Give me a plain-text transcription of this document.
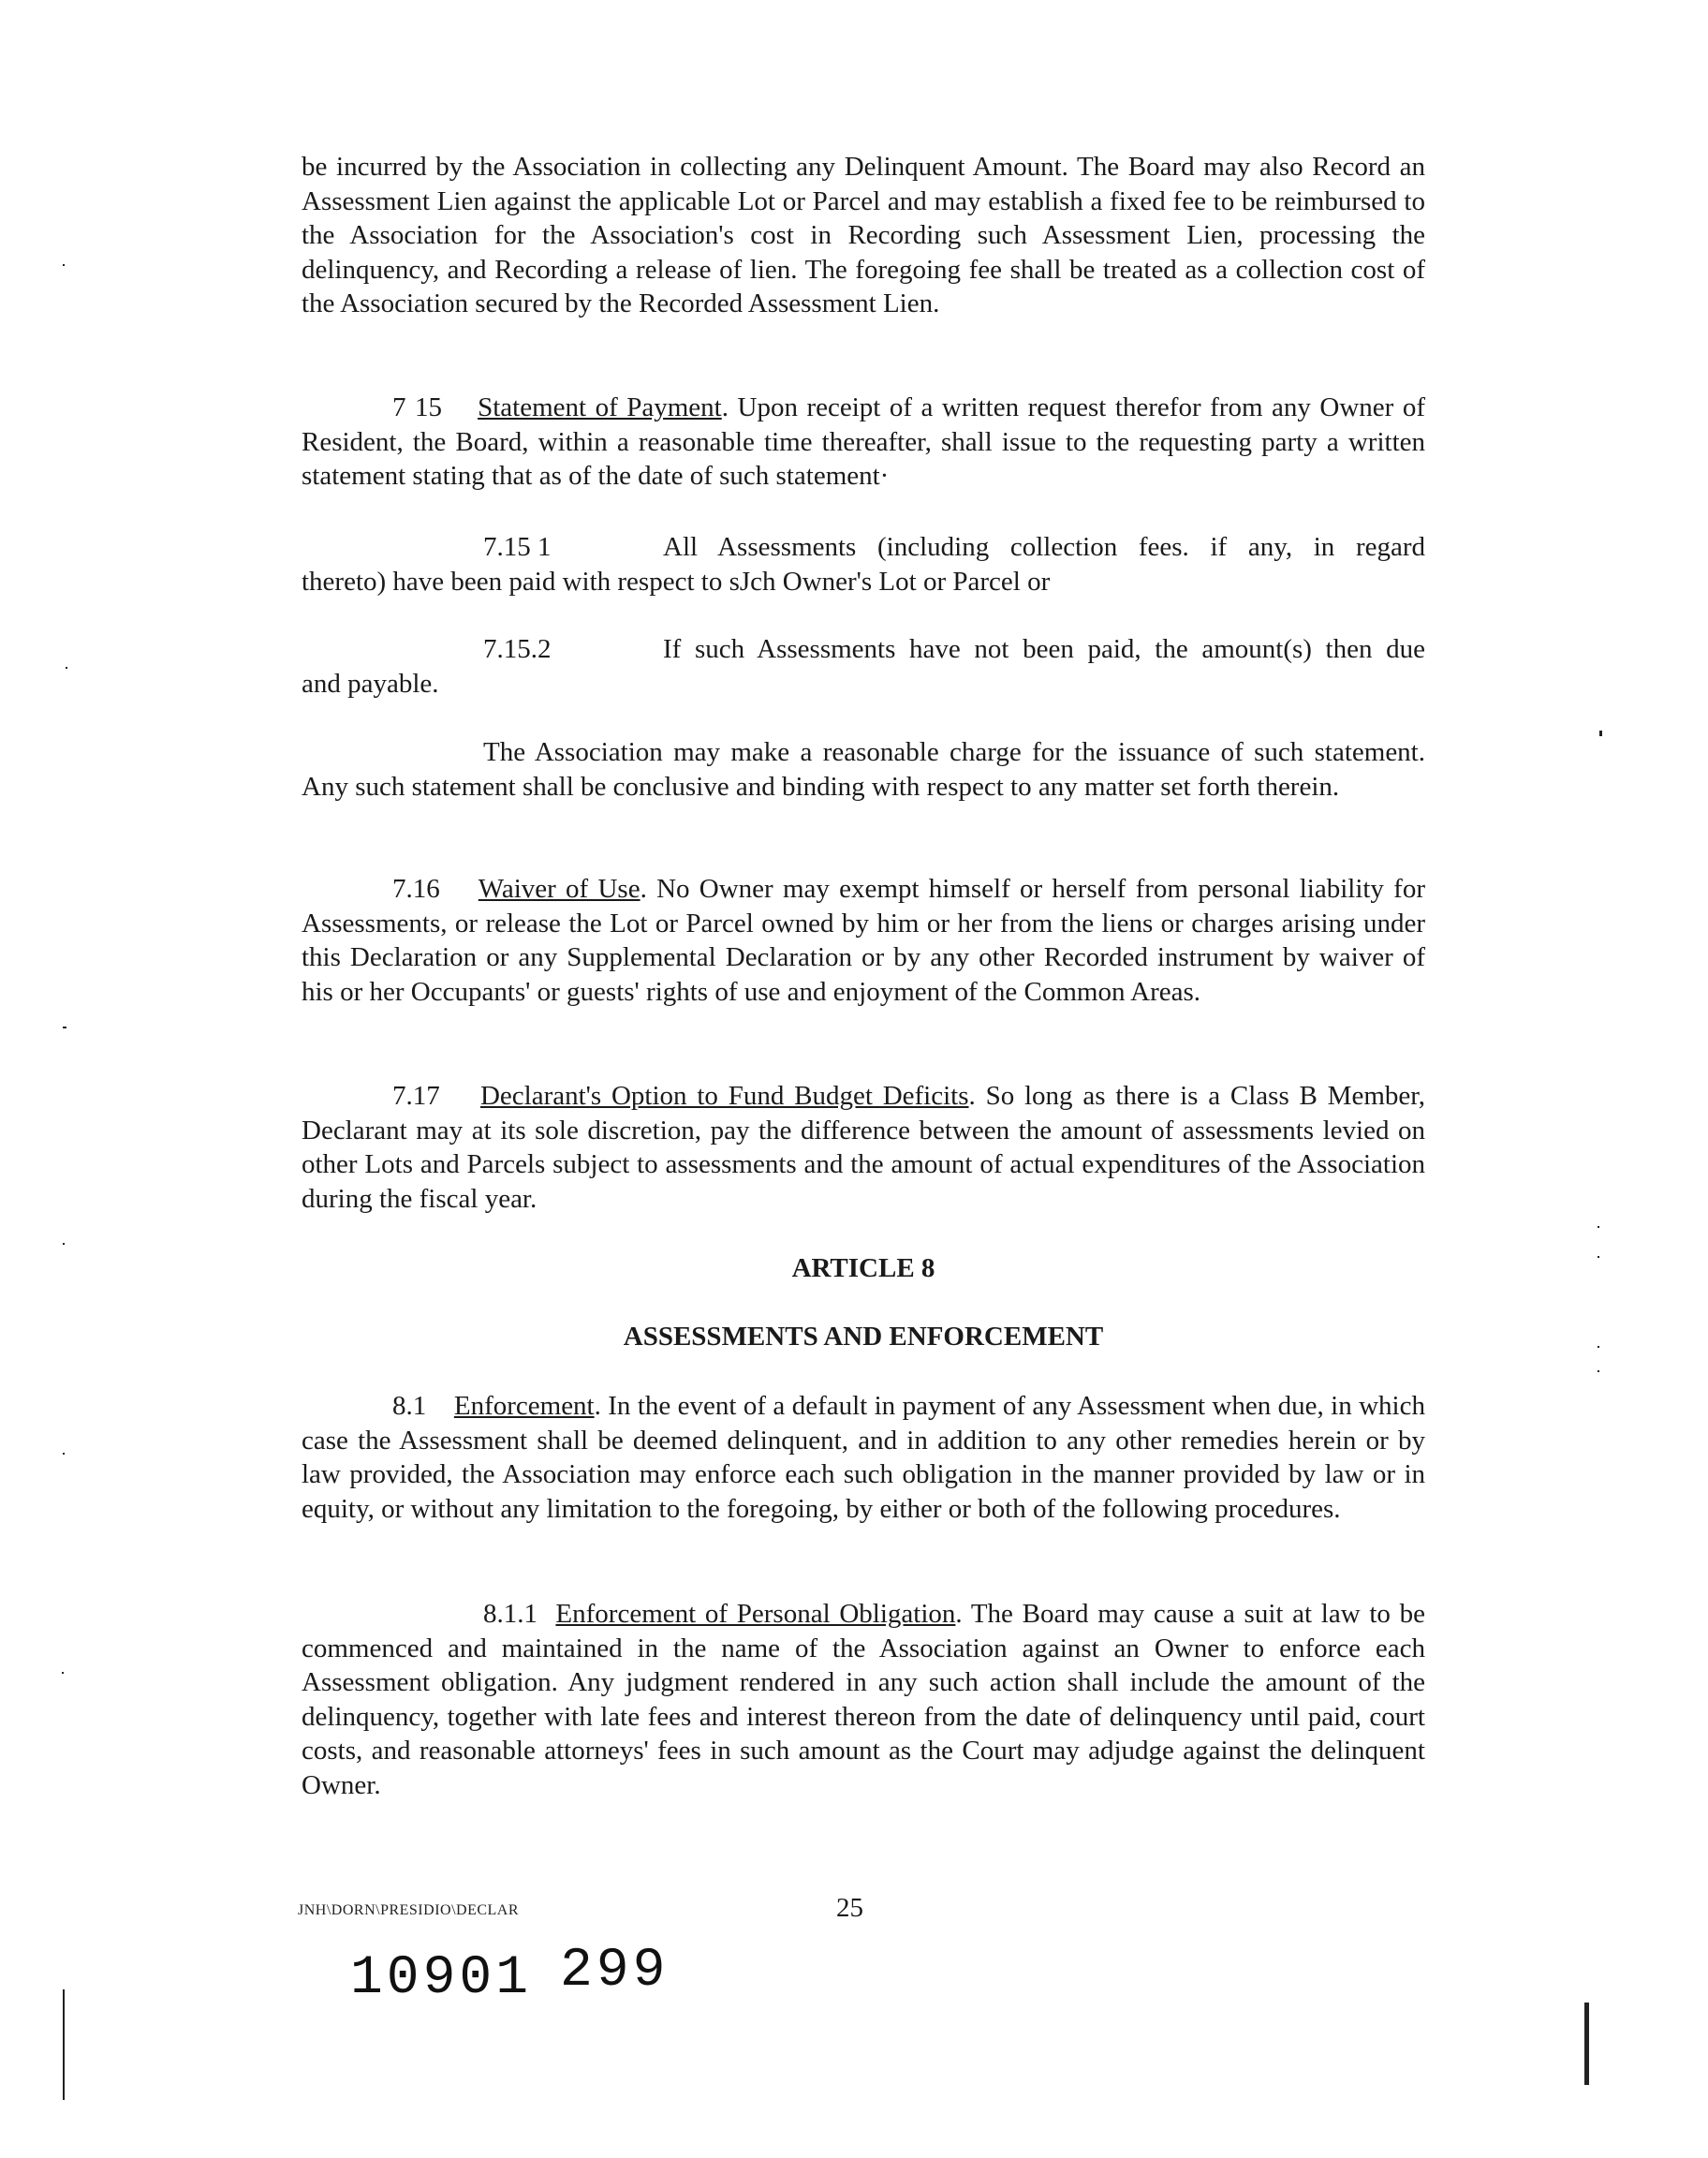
be incurred by the Association in collecting any Delinquent Amount. The Board may also Record an Assessment Lien against the applicable Lot or Parcel and may establish a fixed fee to be reimbursed to the Association for the Association's cost in Recording such Assessment Lien, processing the delinquency, and Recording a release of lien. The foregoing fee shall be treated as a collection cost of the Association secured by the Recorded Assessment Lien.

7 15 Statement of Payment. Upon receipt of a written request therefor from any Owner of Resident, the Board, within a reasonable time thereafter, shall issue to the requesting party a written statement stating that as of the date of such statement·

7.15 1	All Assessments (including collection fees. if any, in regard
thereto) have been paid with respect to sJch Owner's Lot or Parcel or
7.15.2	If such Assessments have not been paid, the amount(s) then due
and payable.

The Association may make a reasonable charge for the issuance of such statement. Any such statement shall be conclusive and binding with respect to any matter set forth therein.

7.16 Waiver of Use. No Owner may exempt himself or herself from personal liability for Assessments, or release the Lot or Parcel owned by him or her from the liens or charges arising under this Declaration or any Supplemental Declaration or by any other Recorded instrument by waiver of his or her Occupants' or guests' rights of use and enjoyment of the Common Areas.

7.17 Declarant's Option to Fund Budget Deficits. So long as there is a Class B Member, Declarant may at its sole discretion, pay the difference between the amount of assessments levied on other Lots and Parcels subject to assessments and the amount of actual expenditures of the Association during the fiscal year.

ARTICLE 8

ASSESSMENTS AND ENFORCEMENT

8.1 Enforcement. In the event of a default in payment of any Assessment when due, in which case the Assessment shall be deemed delinquent, and in addition to any other remedies herein or by law provided, the Association may enforce each such obligation in the manner provided by law or in equity, or without any limitation to the foregoing, by either or both of the following procedures.

8.1.1 Enforcement of Personal Obligation. The Board may cause a suit at law to be commenced and maintained in the name of the Association against an Owner to enforce each Assessment obligation. Any judgment rendered in any such action shall include the amount of the delinquency, together with late fees and interest thereon from the date of delinquency until paid, court costs, and reasonable attorneys' fees in such amount as the Court may adjudge against the delinquent Owner.

JNH\DORN\PRESIDIO\DECLAR	25
10901 299
